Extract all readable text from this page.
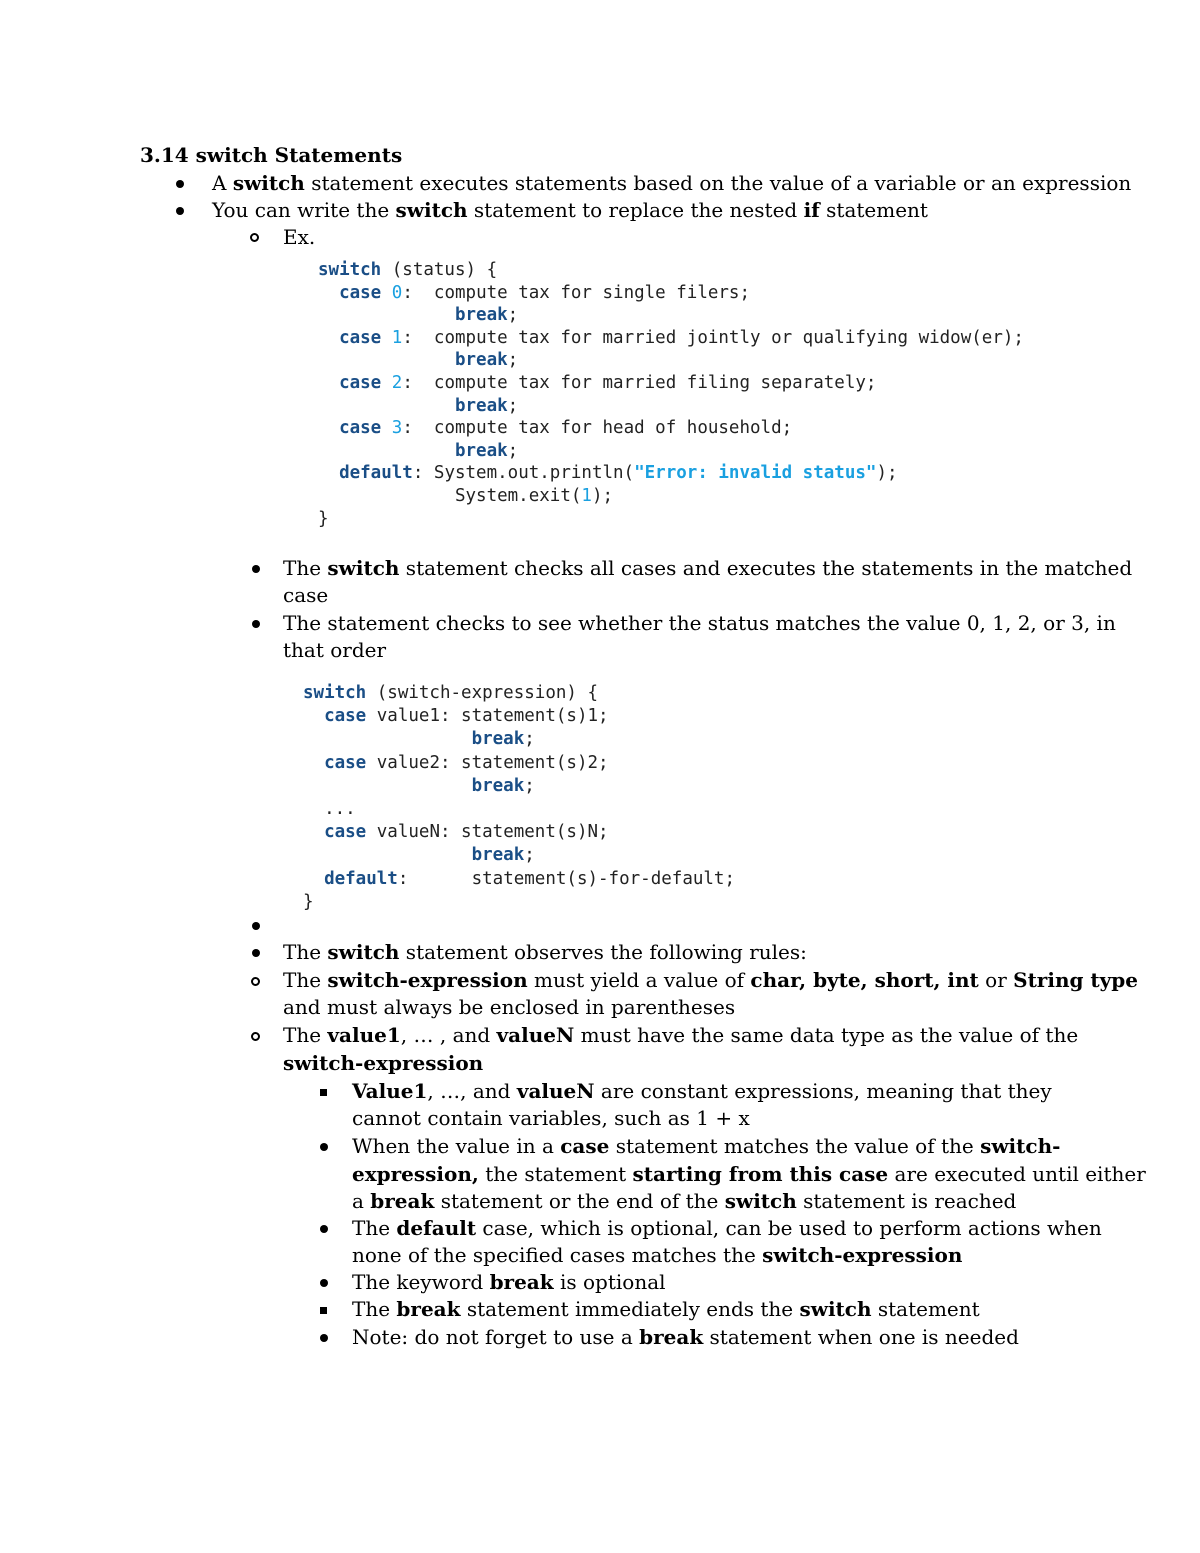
3.14 switch Statements
A switch statement executes statements based on the value of a variable or an expression
You can write the switch statement to replace the nested if statement
Ex.
switch (status) {
case 0:  compute tax for single filers;
break;
case 1:  compute tax for married jointly or qualifying widow(er);
break;
case 2:  compute tax for married filing separately;
break;
case 3:  compute tax for head of household;
break;
default: System.out.println("Error: invalid status");
System.exit(1);
}
The switch statement checks all cases and executes the statements in the matched
case
The statement checks to see whether the status matches the value 0, 1, 2, or 3, in
that order
switch (switch-expression) {
case value1: statement(s)1;
break;
case value2: statement(s)2;
break;
...
case valueN: statement(s)N;
break;
default:      statement(s)-for-default;
}
The switch statement observes the following rules:
The switch-expression must yield a value of char, byte, short, int or String type
and must always be enclosed in parentheses
The value1, … , and valueN must have the same data type as the value of the
switch-expression
Value1, …, and valueN are constant expressions, meaning that they
cannot contain variables, such as 1 + x
When the value in a case statement matches the value of the switch-
expression, the statement starting from this case are executed until either
a break statement or the end of the switch statement is reached
The default case, which is optional, can be used to perform actions when
none of the specified cases matches the switch-expression
The keyword break is optional
The break statement immediately ends the switch statement
Note: do not forget to use a break statement when one is needed
